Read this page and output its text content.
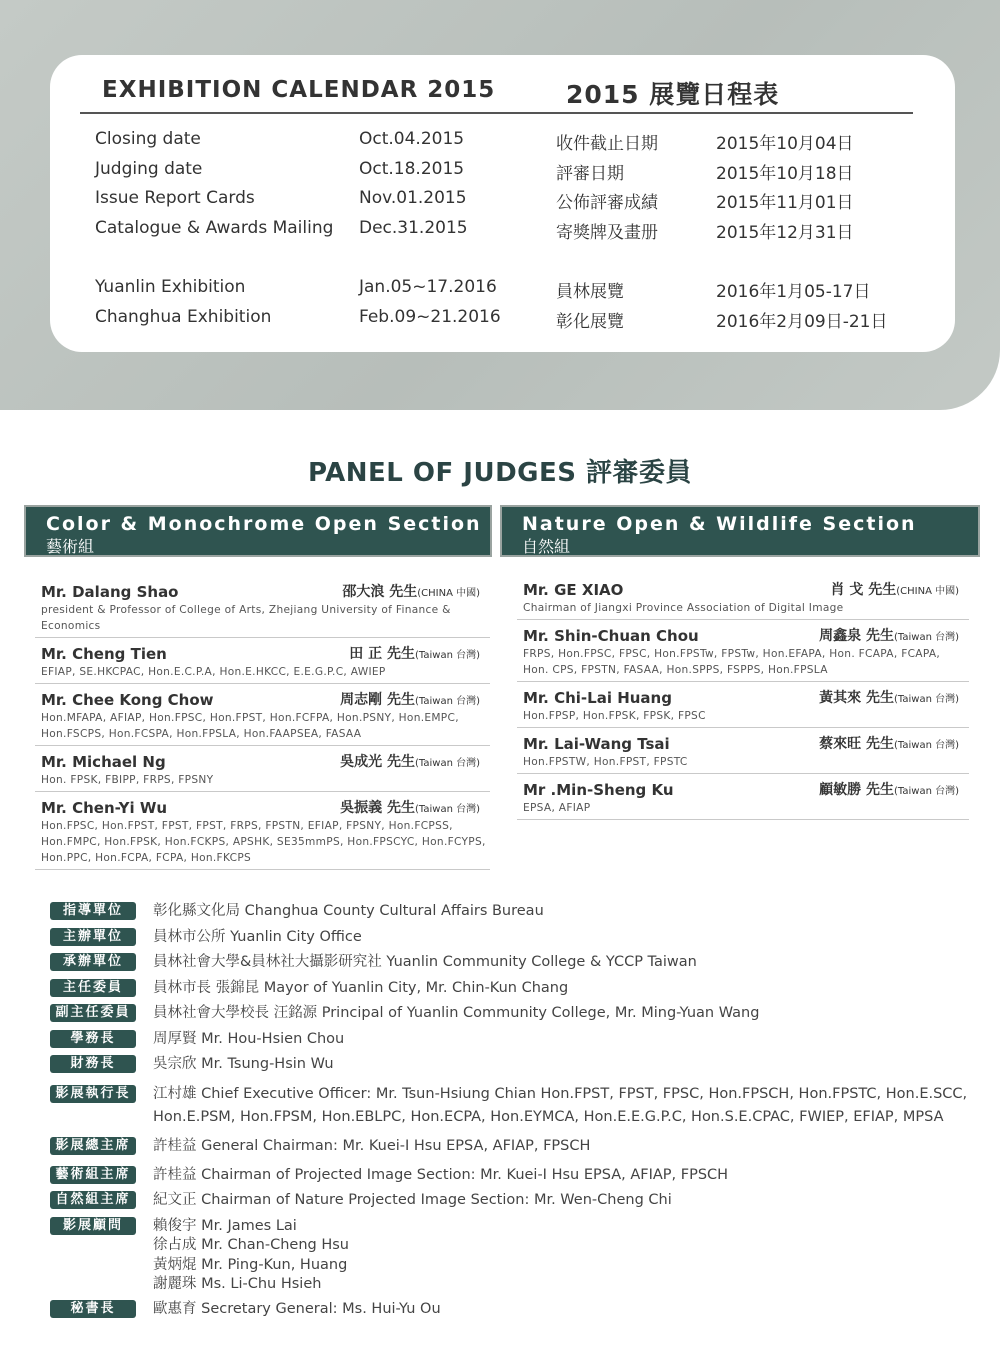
EXHIBITION CALENDAR 2015	2015 展覽日程表
Closing date	Oct.04.2015	收件截止日期	2015年10月04日
Judging date	Oct.18.2015	評審日期	2015年10月18日
Issue Report Cards	Nov.01.2015	公佈評審成績	2015年11月01日
Catalogue & Awards Mailing Dec.31.2015	寄獎牌及畫册	2015年12月31日
Yuanlin Exhibition	Jan.05~17.2016	員林展覽	2016年1月05-17日
Changhua Exhibition	Feb.09~21.2016	彰化展覽	2016年2月09日-21日
PANEL OF JUDGES 評審委員
Color & Monochrome Open Section
藝術組
Nature Open & Wildlife Section
自然組
Mr. Dalang Shao	邵大浪 先生(CHINA 中國)
president & Professor of College of Arts, Zhejiang University of Finance & Economics
Mr. Cheng Tien	田 正 先生(Taiwan 台灣)
EFIAP, SE.HKCPAC, Hon.E.C.P.A, Hon.E.HKCC, E.E.G.P.C, AWIEP
Mr. Chee Kong Chow	周志剛 先生(Taiwan 台灣)
Hon.MFAPA, AFIAP, Hon.FPSC, Hon.FPST, Hon.FCFPA, Hon.PSNY, Hon.EMPC, Hon.FSCPS, Hon.FCSPA, Hon.FPSLA, Hon.FAAPSEA, FASAA
Mr. Michael Ng	吳成光 先生(Taiwan 台灣)
Hon. FPSK, FBIPP, FRPS, FPSNY
Mr. Chen-Yi Wu	吳振義 先生(Taiwan 台灣)
Hon.FPSC, Hon.FPST, FPST, FPST, FRPS, FPSTN, EFIAP, FPSNY, Hon.FCPSS, Hon.FMPC, Hon.FPSK, Hon.FCKPS, APSHK, SE35mmPS, Hon.FPSCYC, Hon.FCYPS, Hon.PPC, Hon.FCPA, FCPA, Hon.FKCPS
Mr. GE XIAO	肖 戈 先生(CHINA 中國)
Chairman of Jiangxi Province Association of Digital Image
Mr. Shin-Chuan Chou	周鑫泉 先生(Taiwan 台灣)
FRPS, Hon.FPSC, FPSC, Hon.FPSTw, FPSTw, Hon.EFAPA, Hon. FCAPA, FCAPA, Hon. CPS, FPSTN, FASAA, Hon.SPPS, FSPPS, Hon.FPSLA
Mr. Chi-Lai Huang	黃其來 先生(Taiwan 台灣)
Hon.FPSP, Hon.FPSK, FPSK, FPSC
Mr. Lai-Wang Tsai	蔡來旺 先生(Taiwan 台灣)
Hon.FPSTW, Hon.FPST, FPSTC
Mr .Min-Sheng Ku	顧敏勝 先生(Taiwan 台灣)
EPSA, AFIAP
指導單位	彰化縣文化局 Changhua County Cultural Affairs Bureau
主辦單位	員林市公所 Yuanlin City Office
承辦單位	員林社會大學&員林社大攝影研究社 Yuanlin Community College & YCCP Taiwan
主任委員	員林市長 張錦昆 Mayor of Yuanlin City, Mr. Chin-Kun Chang
副主任委員	員林社會大學校長 汪銘源 Principal of Yuanlin Community College, Mr. Ming-Yuan Wang
學務長	周厚賢 Mr. Hou-Hsien Chou
財務長	吳宗欣 Mr. Tsung-Hsin Wu
影展執行長	江村雄 Chief Executive Officer: Mr. Tsun-Hsiung Chian Hon.FPST, FPST, FPSC, Hon.FPSCH, Hon.FPSTC, Hon.E.SCC,
Hon.E.PSM, Hon.FPSM, Hon.EBLPC, Hon.ECPA, Hon.EYMCA, Hon.E.E.G.P.C, Hon.S.E.CPAC, FWIEP, EFIAP, MPSA
影展總主席	許桂益 General Chairman: Mr. Kuei-I Hsu EPSA, AFIAP, FPSCH
藝術組主席	許桂益 Chairman of Projected Image Section: Mr. Kuei-I Hsu EPSA, AFIAP, FPSCH
自然組主席	紀文正 Chairman of Nature Projected Image Section: Mr. Wen-Cheng Chi
影展顧問	賴俊宇 Mr. James Lai
徐占成 Mr. Chan-Cheng Hsu
黃炳焜 Mr. Ping-Kun, Huang
謝麗珠 Ms. Li-Chu Hsieh
秘書長	歐惠育 Secretary General: Ms. Hui-Yu Ou
